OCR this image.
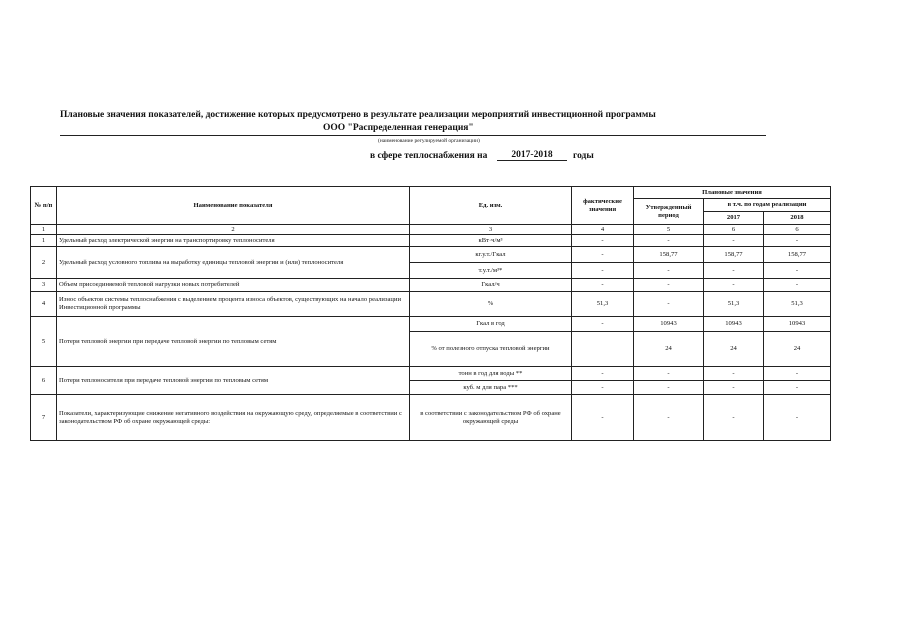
Плановые значения показателей, достижение которых предусмотрено в результате реализации мероприятий инвестиционной программы
ООО "Распределенная генерация"
(наименование регулируемой организации)
в сфере теплоснабжения на	2017-2018	годы
№ п/п	Наименование показателя	Ед. изм.	фактические значения	Плановые значения		
				Утвержденный период	в т.ч. по годам реализации	
					2017	2018
1	2	3	4	5	6	6
1	Удельный расход электрической энергии на транспортировку теплоносителя	кВт·ч/м³	-	-	-	-
2	Удельный расход условного топлива на выработку единицы тепловой энергии и (или) теплоносителя	кг.у.т./Гкал	-	158,77	158,77	158,77
		т.у.т./м³*	-	-	-	-
3	Объем присоединяемой тепловой нагрузки новых потребителей	Гкал/ч	-	-	-	-
4	Износ объектов системы теплоснабжения с выделением процента износа объектов, существующих на начало реализации Инвестиционной программы	%	51,3	-	51,3	51,3
5	Потери тепловой энергии при передаче тепловой энергии по тепловым сетям	Гкал в год	-	10943	10943	10943
		% от полезного отпуска тепловой энергии		24	24	24
6	Потери теплоносителя при передаче тепловой энергии по тепловым сетям	тонн в год для воды **	-	-	-	-
		куб. м для пара ***	-	-	-	-
7	Показатели, характеризующие снижение негативного воздействия на окружающую среду, определяемые в соответствии с законодательством РФ об охране окружающей среды:	в соответствии с законодательством РФ об охране окружающей среды	-	-	-	-
